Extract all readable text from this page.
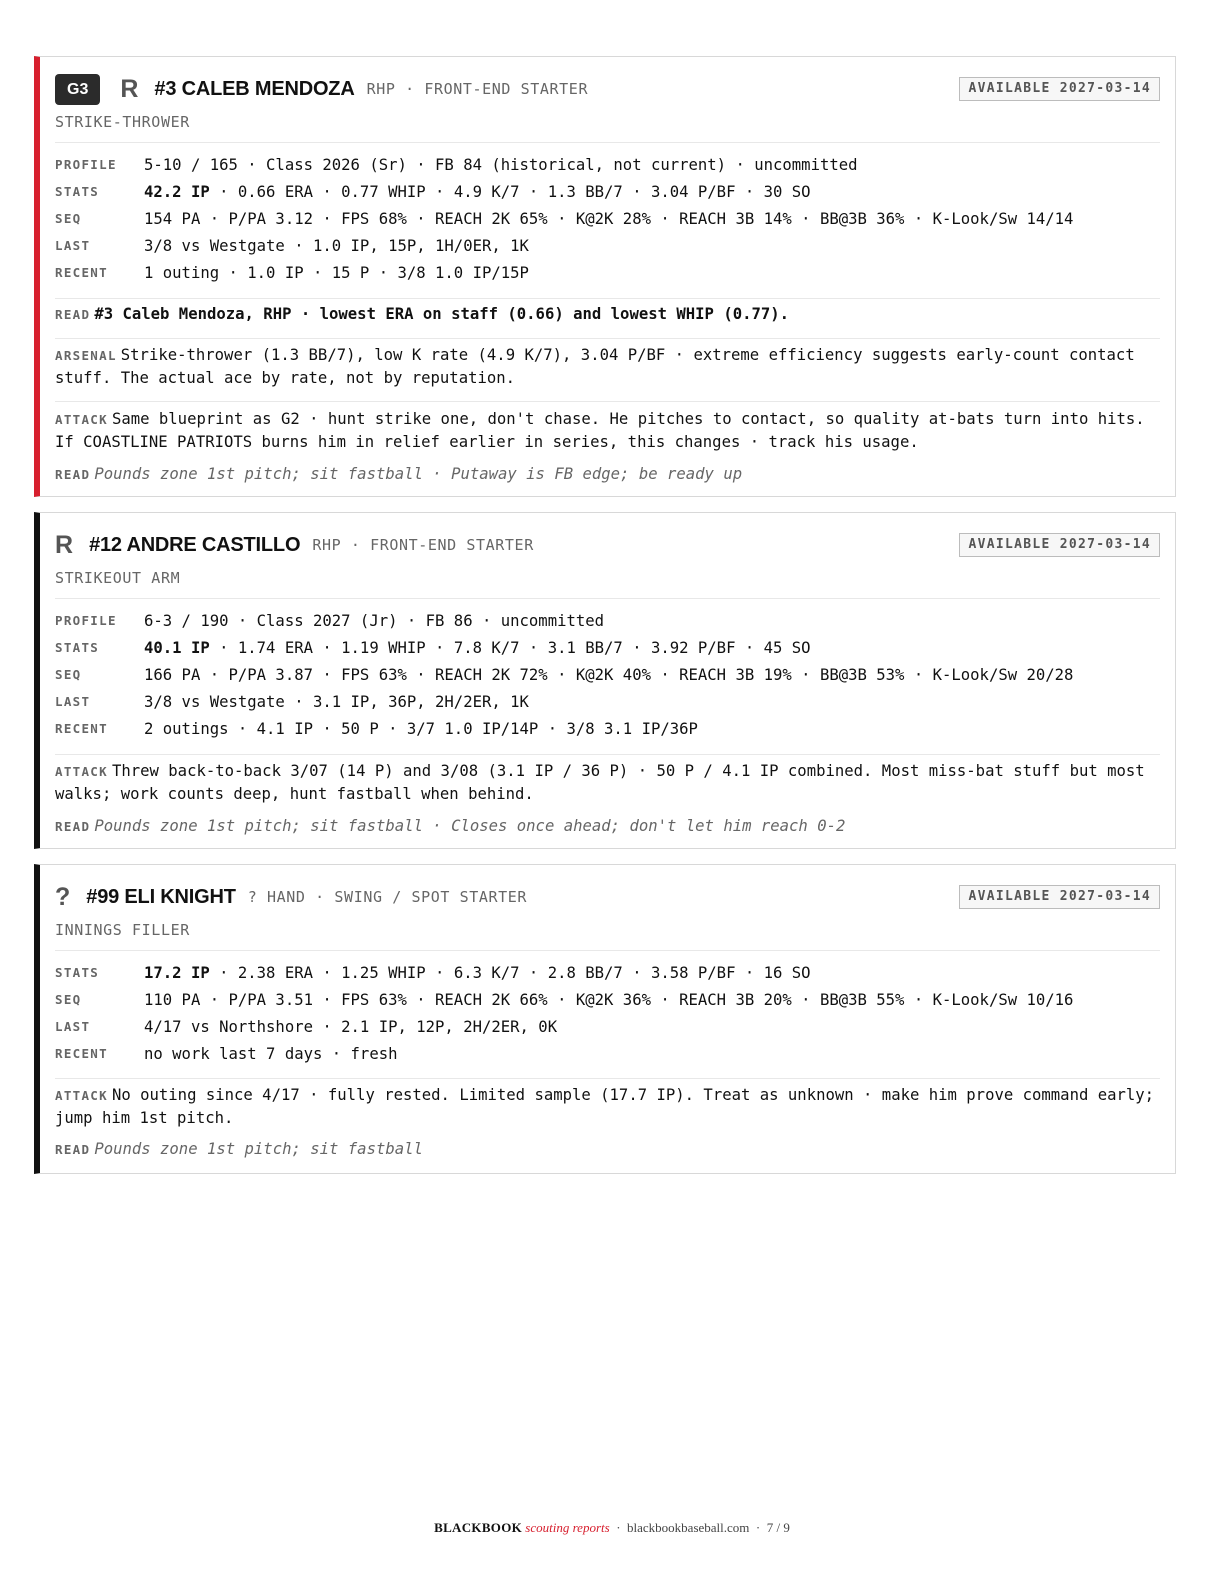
G3	R #3 CALEB MENDOZA RHP · FRONT-END STARTER	AVAILABLE 2027-03-14
STRIKE-THROWER
PROFILE 5-10 / 165 · Class 2026 (Sr) · FB 84 (historical, not current) · uncommitted
STATS	42.2 IP · 0.66 ERA · 0.77 WHIP · 4.9 K/7 · 1.3 BB/7 · 3.04 P/BF · 30 SO
SEQ	154 PA · P/PA 3.12 · FPS 68% · REACH 2K 65% · K@2K 28% · REACH 3B 14% · BB@3B 36% · K-Look/Sw 14/14
LAST	3/8 vs Westgate · 1.0 IP, 15P, 1H/0ER, 1K
RECENT 1 outing · 1.0 IP · 15 P · 3/8 1.0 IP/15P
READ #3 Caleb Mendoza, RHP · lowest ERA on staff (0.66) and lowest WHIP (0.77).
ARSENAL Strike-thrower (1.3 BB/7), low K rate (4.9 K/7), 3.04 P/BF · extreme efficiency suggests early-count contact stuff. The actual ace by rate, not by reputation.
ATTACK Same blueprint as G2 · hunt strike one, don't chase. He pitches to contact, so quality at-bats turn into hits. If COASTLINE PATRIOTS burns him in relief earlier in series, this changes · track his usage.
READ Pounds zone 1st pitch; sit fastball · Putaway is FB edge; be ready up
R #12 ANDRE CASTILLO RHP · FRONT-END STARTER	AVAILABLE 2027-03-14
STRIKEOUT ARM
PROFILE 6-3 / 190 · Class 2027 (Jr) · FB 86 · uncommitted
STATS	40.1 IP · 1.74 ERA · 1.19 WHIP · 7.8 K/7 · 3.1 BB/7 · 3.92 P/BF · 45 SO
SEQ	166 PA · P/PA 3.87 · FPS 63% · REACH 2K 72% · K@2K 40% · REACH 3B 19% · BB@3B 53% · K-Look/Sw 20/28
LAST	3/8 vs Westgate · 3.1 IP, 36P, 2H/2ER, 1K
RECENT 2 outings · 4.1 IP · 50 P · 3/7 1.0 IP/14P · 3/8 3.1 IP/36P
ATTACK Threw back-to-back 3/07 (14 P) and 3/08 (3.1 IP / 36 P) · 50 P / 4.1 IP combined. Most miss-bat stuff but most walks; work counts deep, hunt fastball when behind.
READ Pounds zone 1st pitch; sit fastball · Closes once ahead; don't let him reach 0-2
? #99 ELI KNIGHT ? HAND · SWING / SPOT STARTER	AVAILABLE 2027-03-14
INNINGS FILLER
STATS	17.2 IP · 2.38 ERA · 1.25 WHIP · 6.3 K/7 · 2.8 BB/7 · 3.58 P/BF · 16 SO
SEQ	110 PA · P/PA 3.51 · FPS 63% · REACH 2K 66% · K@2K 36% · REACH 3B 20% · BB@3B 55% · K-Look/Sw 10/16
LAST	4/17 vs Northshore · 2.1 IP, 12P, 2H/2ER, 0K
RECENT no work last 7 days · fresh
ATTACK No outing since 4/17 · fully rested. Limited sample (17.7 IP). Treat as unknown · make him prove command early; jump him 1st pitch.
READ Pounds zone 1st pitch; sit fastball
BLACKBOOK scouting reports · blackbookbaseball.com · 7 / 9
